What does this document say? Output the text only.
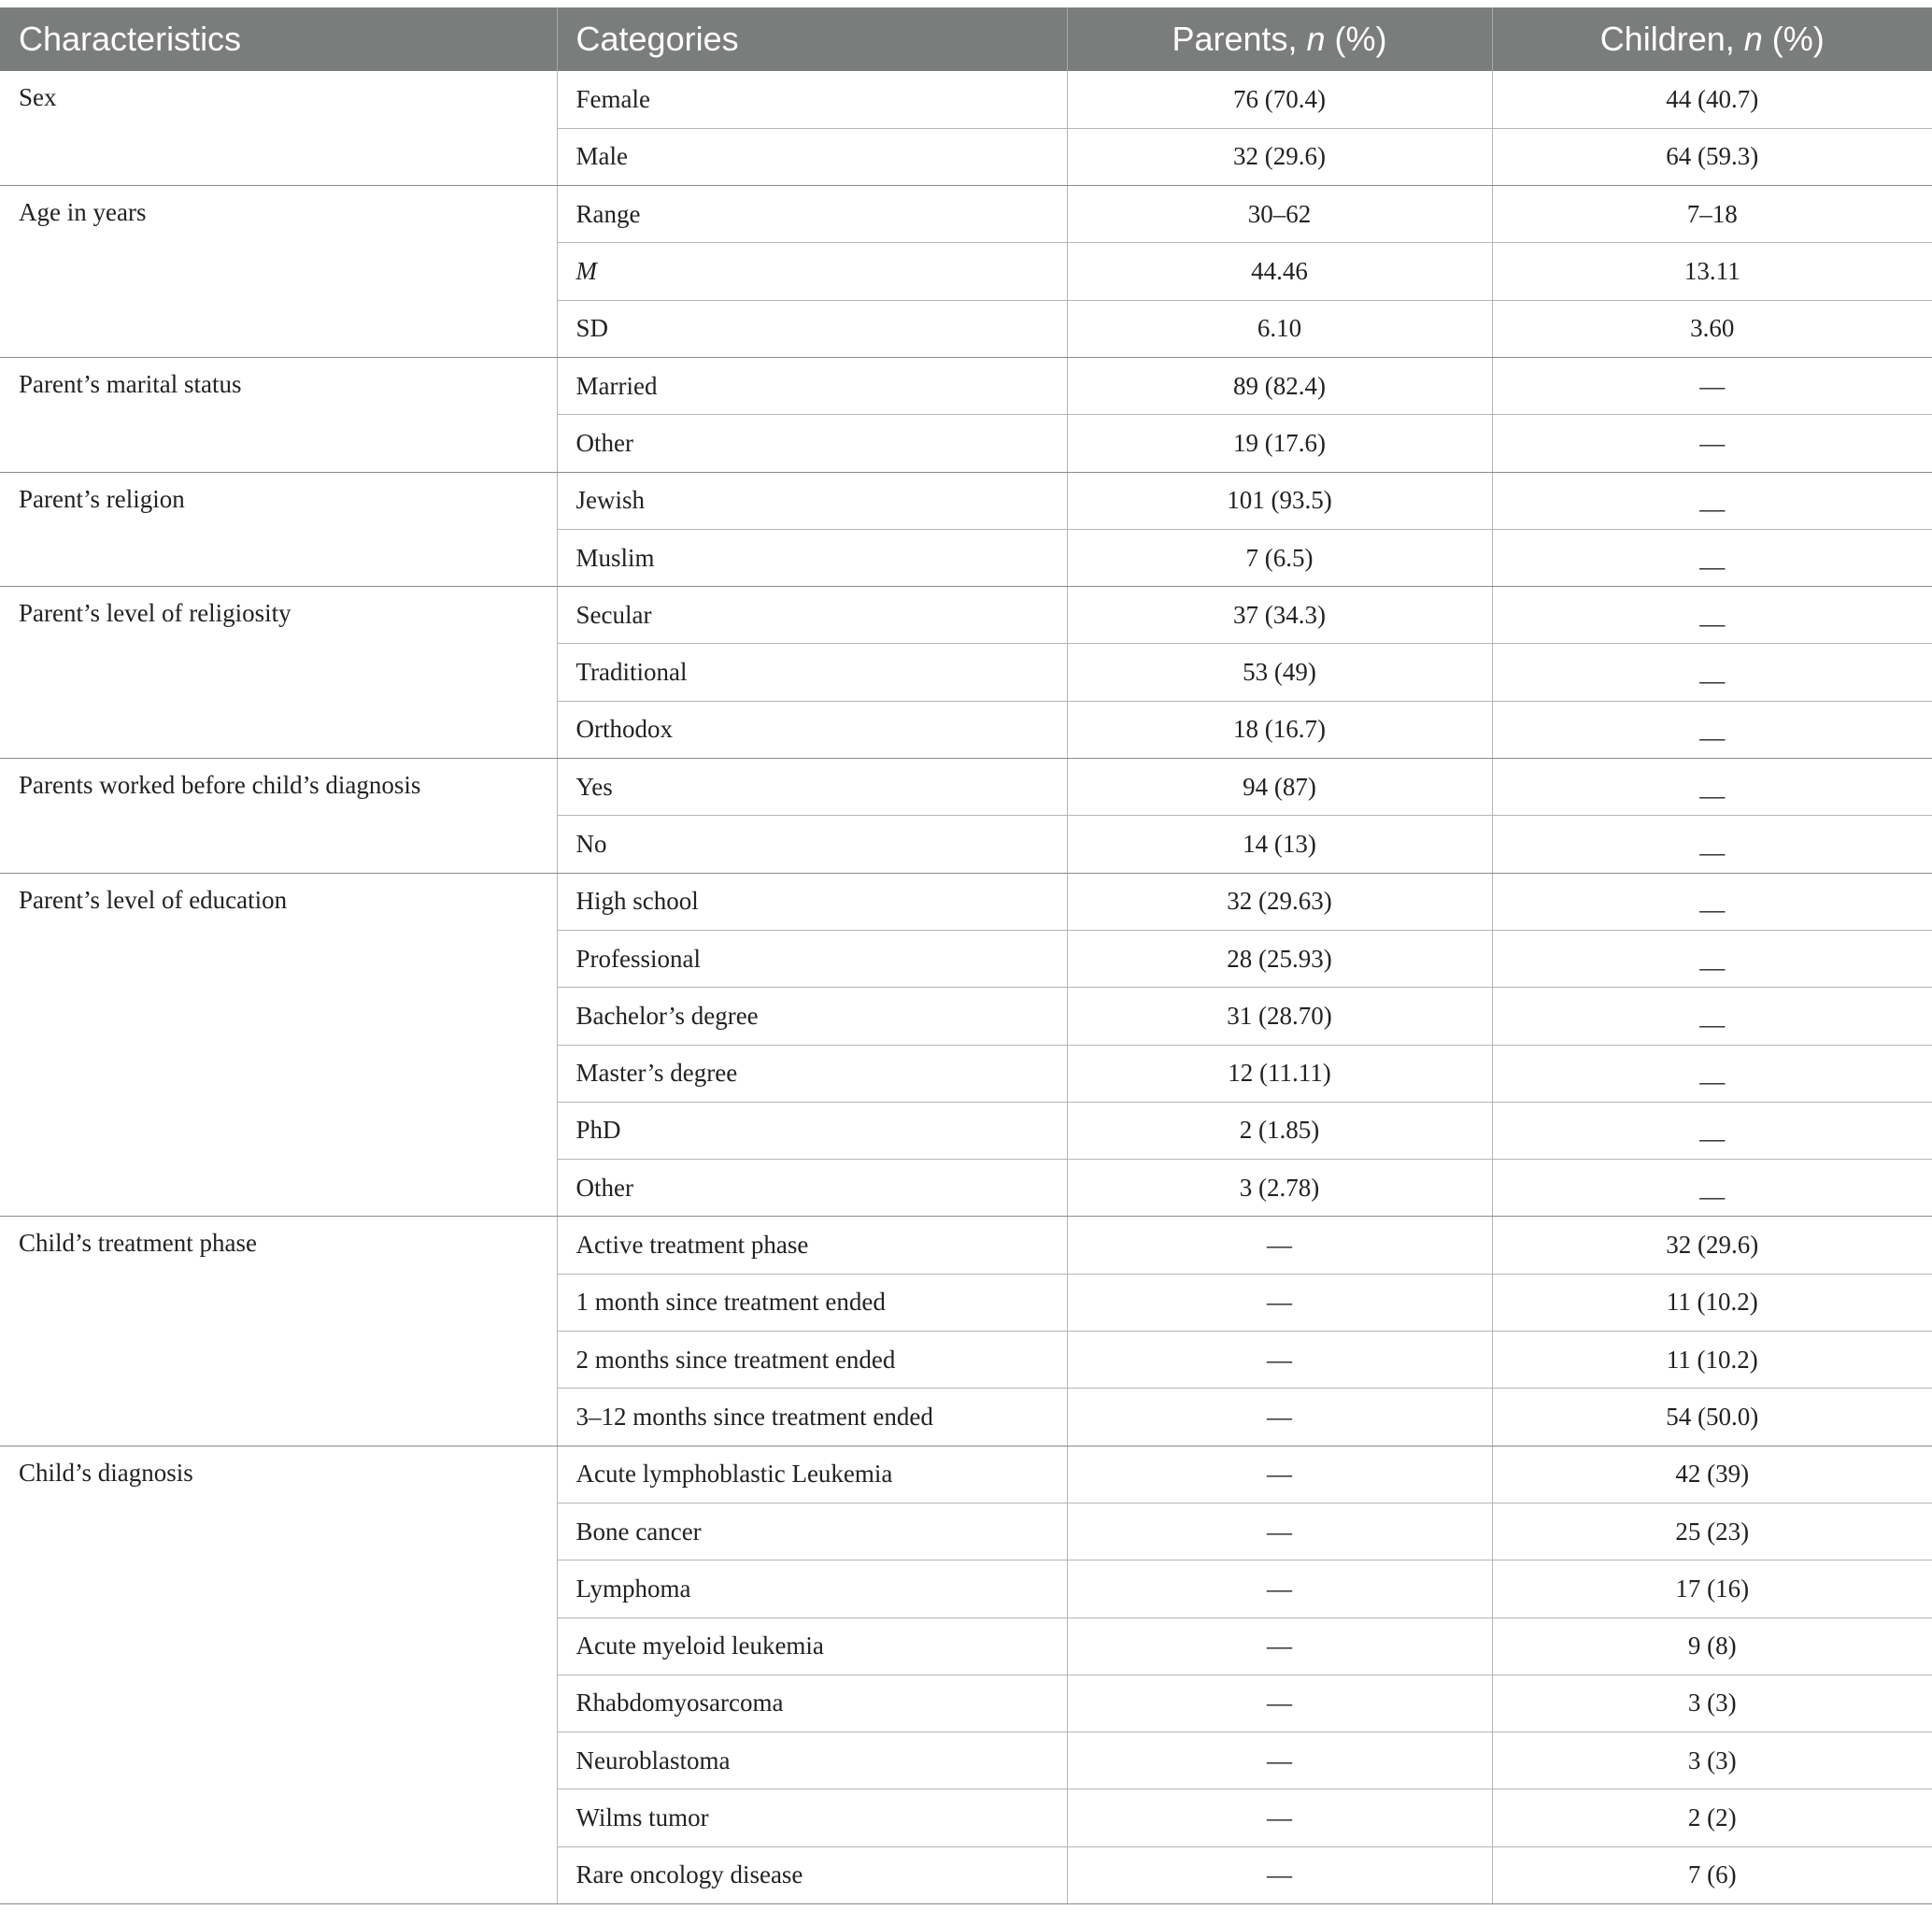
Characteristics	Categories	Parents, n (%)	Children, n (%)
Sex	Female	76 (70.4)	44 (40.7)
	Male	32 (29.6)	64 (59.3)
Age in years	Range	30–62	7–18
	M	44.46	13.11
	SD	6.10	3.60
Parent’s marital status	Married	89 (82.4)	—
	Other	19 (17.6)	—
Parent’s religion	Jewish	101 (93.5)	__
	Muslim	7 (6.5)	__
Parent’s level of religiosity	Secular	37 (34.3)	__
	Traditional	53 (49)	__
	Orthodox	18 (16.7)	__
Parents worked before child’s diagnosis	Yes	94 (87)	__
	No	14 (13)	__
Parent’s level of education	High school	32 (29.63)	__
	Professional	28 (25.93)	__
	Bachelor’s degree	31 (28.70)	__
	Master’s degree	12 (11.11)	__
	PhD	2 (1.85)	__
	Other	3 (2.78)	__
Child’s treatment phase	Active treatment phase	—	32 (29.6)
	1 month since treatment ended	—	11 (10.2)
	2 months since treatment ended	—	11 (10.2)
	3–12 months since treatment ended	—	54 (50.0)
Child’s diagnosis	Acute lymphoblastic Leukemia	—	42 (39)
	Bone cancer	—	25 (23)
	Lymphoma	—	17 (16)
	Acute myeloid leukemia	—	9 (8)
	Rhabdomyosarcoma	—	3 (3)
	Neuroblastoma	—	3 (3)
	Wilms tumor	—	2 (2)
	Rare oncology disease	—	7 (6)
